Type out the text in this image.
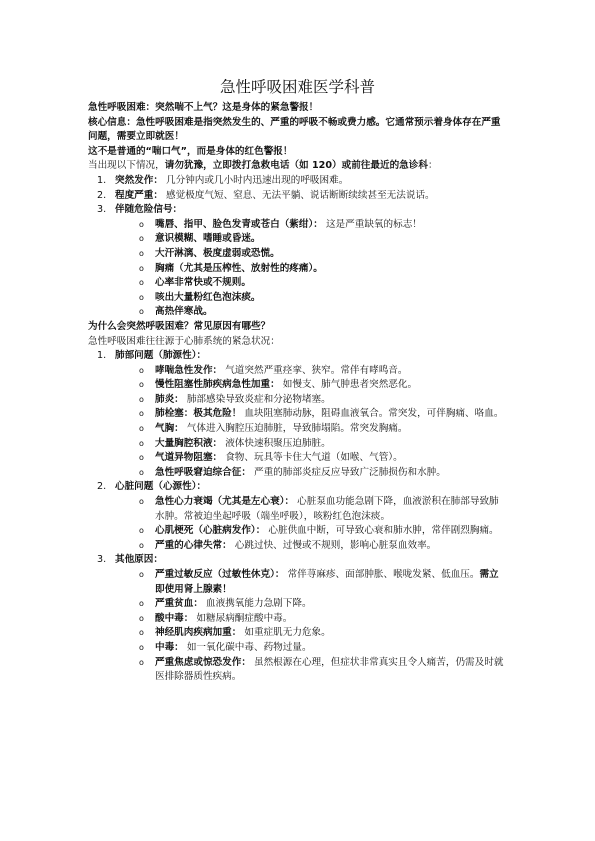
急性呼吸困难医学科普

急性呼吸困难：突然喘不上气？这是身体的紧急警报！

核心信息：急性呼吸困难是指突然发生的、严重的呼吸不畅或费力感。它通常预示着身体存在严重问题，需要立即就医！

这不是普通的“喘口气”，而是身体的红色警报！

当出现以下情况，请勿犹豫，立即拨打急救电话（如 120）或前往最近的急诊科：

1. 突然发作： 几分钟内或几小时内迅速出现的呼吸困难。
2. 程度严重： 感觉极度气短、窒息、无法平躺、说话断断续续甚至无法说话。
3. 伴随危险信号：
o 嘴唇、指甲、脸色发青或苍白（紫绀）： 这是严重缺氧的标志！
o 意识模糊、嗜睡或昏迷。
o 大汗淋漓、极度虚弱或恐慌。
o 胸痛（尤其是压榨性、放射性的疼痛）。
o 心率非常快或不规则。
o 咳出大量粉红色泡沫痰。
o 高热伴寒战。

为什么会突然呼吸困难？常见原因有哪些？

急性呼吸困难往往源于心肺系统的紧急状况：

1. 肺部问题（肺源性）：
o 哮喘急性发作： 气道突然严重痉挛、狭窄。常伴有哮鸣音。
o 慢性阻塞性肺疾病急性加重： 如慢支、肺气肿患者突然恶化。
o 肺炎： 肺部感染导致炎症和分泌物堵塞。
o 肺栓塞：极其危险！ 血块阻塞肺动脉，阻碍血液氧合。常突发，可伴胸痛、咯血。
o 气胸： 气体进入胸腔压迫肺脏，导致肺塌陷。常突发胸痛。
o 大量胸腔积液： 液体快速积聚压迫肺脏。
o 气道异物阻塞： 食物、玩具等卡住大气道（如喉、气管）。
o 急性呼吸窘迫综合征： 严重的肺部炎症反应导致广泛肺损伤和水肿。
2. 心脏问题（心源性）：
o 急性心力衰竭（尤其是左心衰）： 心脏泵血功能急剧下降，血液淤积在肺部导致肺水肿。常被迫坐起呼吸（端坐呼吸），咳粉红色泡沫痰。
o 心肌梗死（心脏病发作）： 心脏供血中断，可导致心衰和肺水肿，常伴剧烈胸痛。
o 严重的心律失常： 心跳过快、过慢或不规则，影响心脏泵血效率。
3. 其他原因：
o 严重过敏反应（过敏性休克）： 常伴荨麻疹、面部肿胀、喉咙发紧、低血压。需立即使用肾上腺素！
o 严重贫血： 血液携氧能力急剧下降。
o 酸中毒： 如糖尿病酮症酸中毒。
o 神经肌肉疾病加重： 如重症肌无力危象。
o 中毒： 如一氧化碳中毒、药物过量。
o 严重焦虑或惊恐发作： 虽然根源在心理，但症状非常真实且令人痛苦，仍需及时就医排除器质性疾病。
